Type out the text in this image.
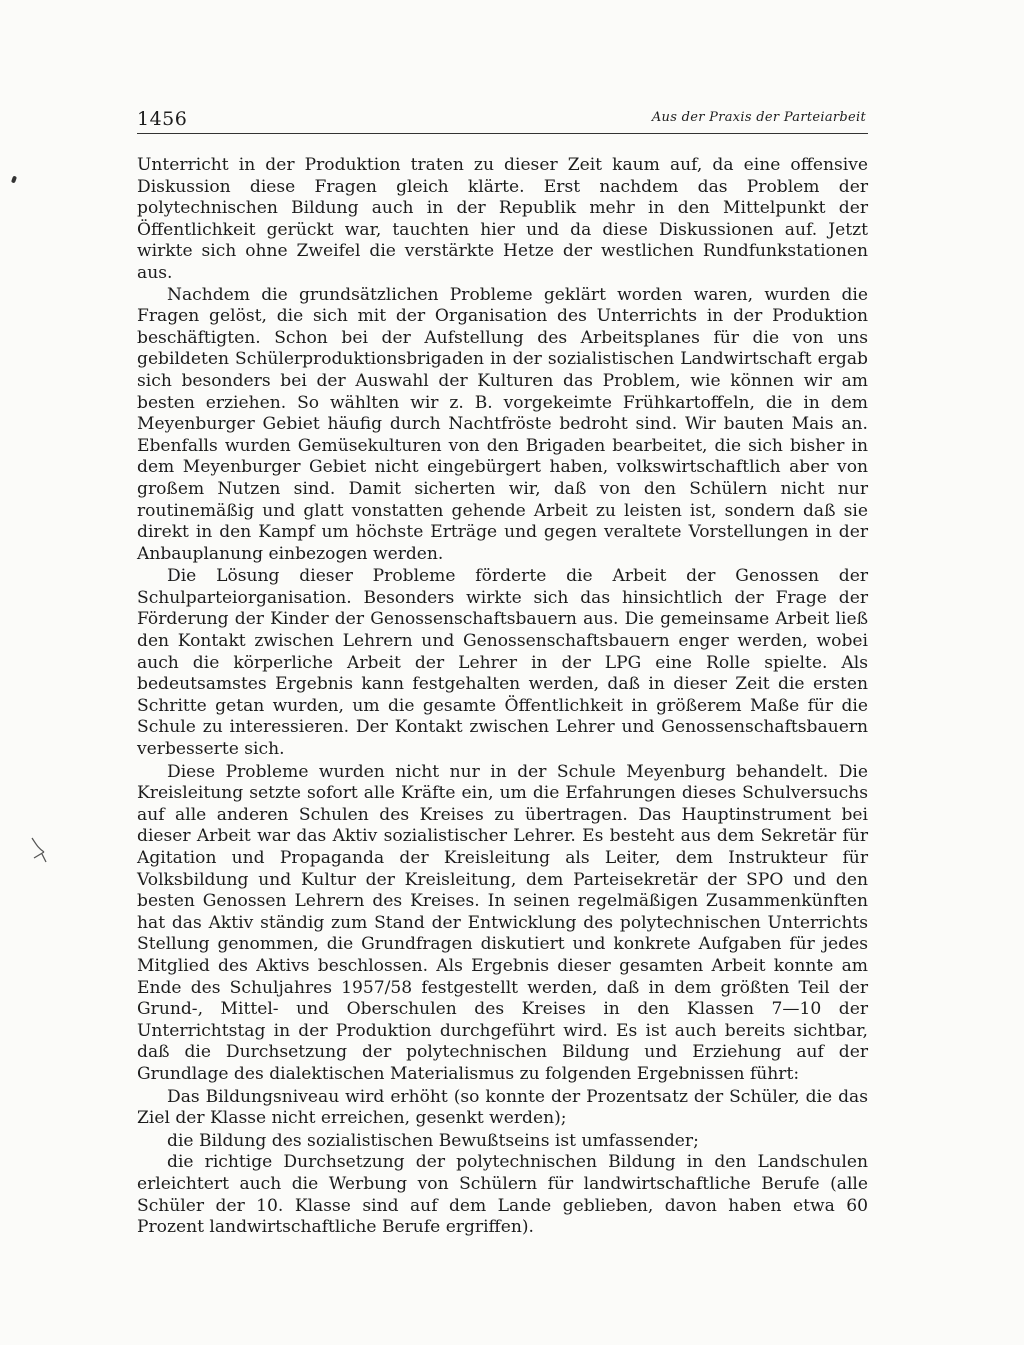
1456	Aus der Praxis der Parteiarbeit

Unterricht in der Produktion traten zu dieser Zeit kaum auf, da eine offensive Diskussion diese Fragen gleich klärte. Erst nachdem das Problem der polytechnischen Bildung auch in der Republik mehr in den Mittelpunkt der Öffentlichkeit gerückt war, tauchten hier und da diese Diskussionen auf. Jetzt wirkte sich ohne Zweifel die verstärkte Hetze der westlichen Rundfunkstationen aus.

Nachdem die grundsätzlichen Probleme geklärt worden waren, wurden die Fragen gelöst, die sich mit der Organisation des Unterrichts in der Produktion beschäftigten. Schon bei der Aufstellung des Arbeitsplanes für die von uns gebildeten Schülerproduktionsbrigaden in der sozialistischen Landwirtschaft ergab sich besonders bei der Auswahl der Kulturen das Problem, wie können wir am besten erziehen. So wählten wir z. B. vorgekeimte Frühkartoffeln, die in dem Meyenburger Gebiet häufig durch Nachtfröste bedroht sind. Wir bauten Mais an. Ebenfalls wurden Gemüsekulturen von den Brigaden bearbeitet, die sich bisher in dem Meyenburger Gebiet nicht eingebürgert haben, volkswirtschaftlich aber von großem Nutzen sind. Damit sicherten wir, daß von den Schülern nicht nur routinemäßig und glatt vonstatten gehende Arbeit zu leisten ist, sondern daß sie direkt in den Kampf um höchste Erträge und gegen veraltete Vorstellungen in der Anbauplanung einbezogen werden.

Die Lösung dieser Probleme förderte die Arbeit der Genossen der Schulparteiorganisation. Besonders wirkte sich das hinsichtlich der Frage der Förderung der Kinder der Genossenschaftsbauern aus. Die gemeinsame Arbeit ließ den Kontakt zwischen Lehrern und Genossenschaftsbauern enger werden, wobei auch die körperliche Arbeit der Lehrer in der LPG eine Rolle spielte. Als bedeutsamstes Ergebnis kann festgehalten werden, daß in dieser Zeit die ersten Schritte getan wurden, um die gesamte Öffentlichkeit in größerem Maße für die Schule zu interessieren. Der Kontakt zwischen Lehrer und Genossenschaftsbauern verbesserte sich.

Diese Probleme wurden nicht nur in der Schule Meyenburg behandelt. Die Kreisleitung setzte sofort alle Kräfte ein, um die Erfahrungen dieses Schulversuchs auf alle anderen Schulen des Kreises zu übertragen. Das Hauptinstrument bei dieser Arbeit war das Aktiv sozialistischer Lehrer. Es besteht aus dem Sekretär für Agitation und Propaganda der Kreisleitung als Leiter, dem Instrukteur für Volksbildung und Kultur der Kreisleitung, dem Parteisekretär der SPO und den besten Genossen Lehrern des Kreises. In seinen regelmäßigen Zusammenkünften hat das Aktiv ständig zum Stand der Entwicklung des polytechnischen Unterrichts Stellung genommen, die Grundfragen diskutiert und konkrete Aufgaben für jedes Mitglied des Aktivs beschlossen. Als Ergebnis dieser gesamten Arbeit konnte am Ende des Schuljahres 1957/58 festgestellt werden, daß in dem größten Teil der Grund-, Mittel- und Oberschulen des Kreises in den Klassen 7—10 der Unterrichtstag in der Produktion durchgeführt wird. Es ist auch bereits sichtbar, daß die Durchsetzung der polytechnischen Bildung und Erziehung auf der Grundlage des dialektischen Materialismus zu folgenden Ergebnissen führt:

Das Bildungsniveau wird erhöht (so konnte der Prozentsatz der Schüler, die das Ziel der Klasse nicht erreichen, gesenkt werden);

die Bildung des sozialistischen Bewußtseins ist umfassender;

die richtige Durchsetzung der polytechnischen Bildung in den Landschulen erleichtert auch die Werbung von Schülern für landwirtschaftliche Berufe (alle Schüler der 10. Klasse sind auf dem Lande geblieben, davon haben etwa 60 Prozent landwirtschaftliche Berufe ergriffen).
